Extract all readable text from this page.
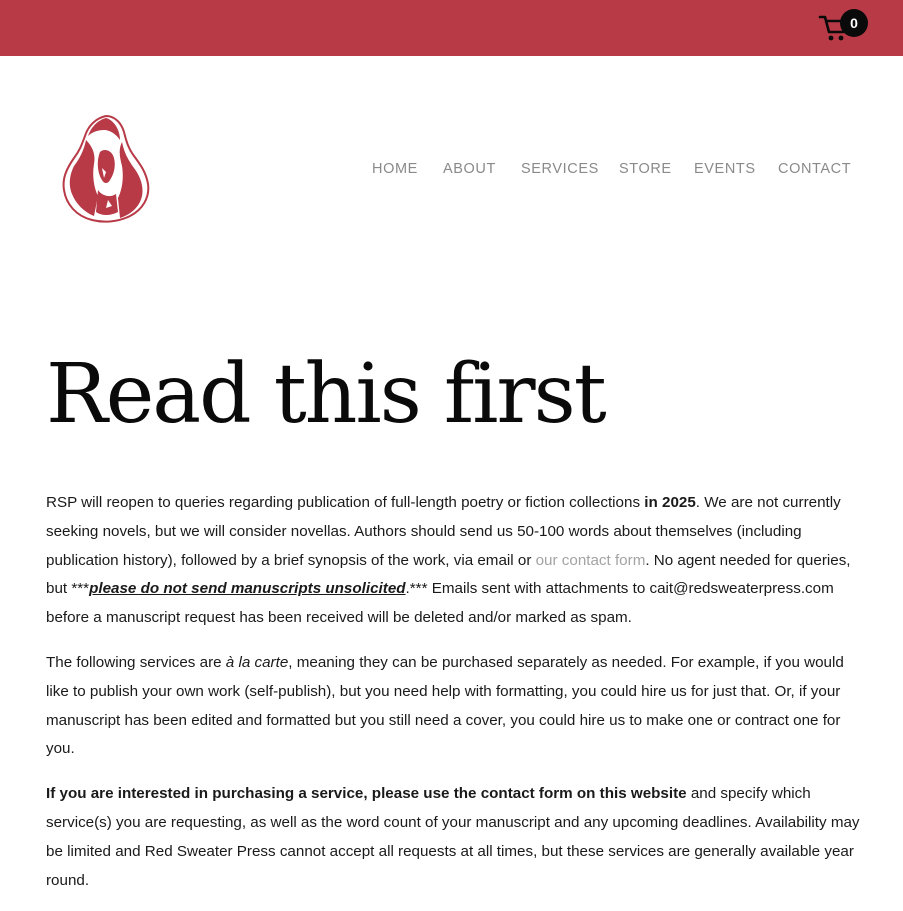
0
HOME ABOUT SERVICES STORE EVENTS CONTACT
Read this first

RSP will reopen to queries regarding publication of full-length poetry or fiction collections in 2025. We are not currently seeking novels, but we will consider novellas. Authors should send us 50-100 words about themselves (including publication history), followed by a brief synopsis of the work, via email or our contact form. No agent needed for queries, but ***please do not send manuscripts unsolicited.*** Emails sent with attachments to cait@redsweaterpress.com before a manuscript request has been received will be deleted and/or marked as spam.

The following services are à la carte, meaning they can be purchased separately as needed. For example, if you would like to publish your own work (self-publish), but you need help with formatting, you could hire us for just that. Or, if your manuscript has been edited and formatted but you still need a cover, you could hire us to make one or contract one for you.

If you are interested in purchasing a service, please use the contact form on this website and specify which service(s) you are requesting, as well as the word count of your manuscript and any upcoming deadlines. Availability may be limited and Red Sweater Press cannot accept all requests at all times, but these services are generally available year round.
